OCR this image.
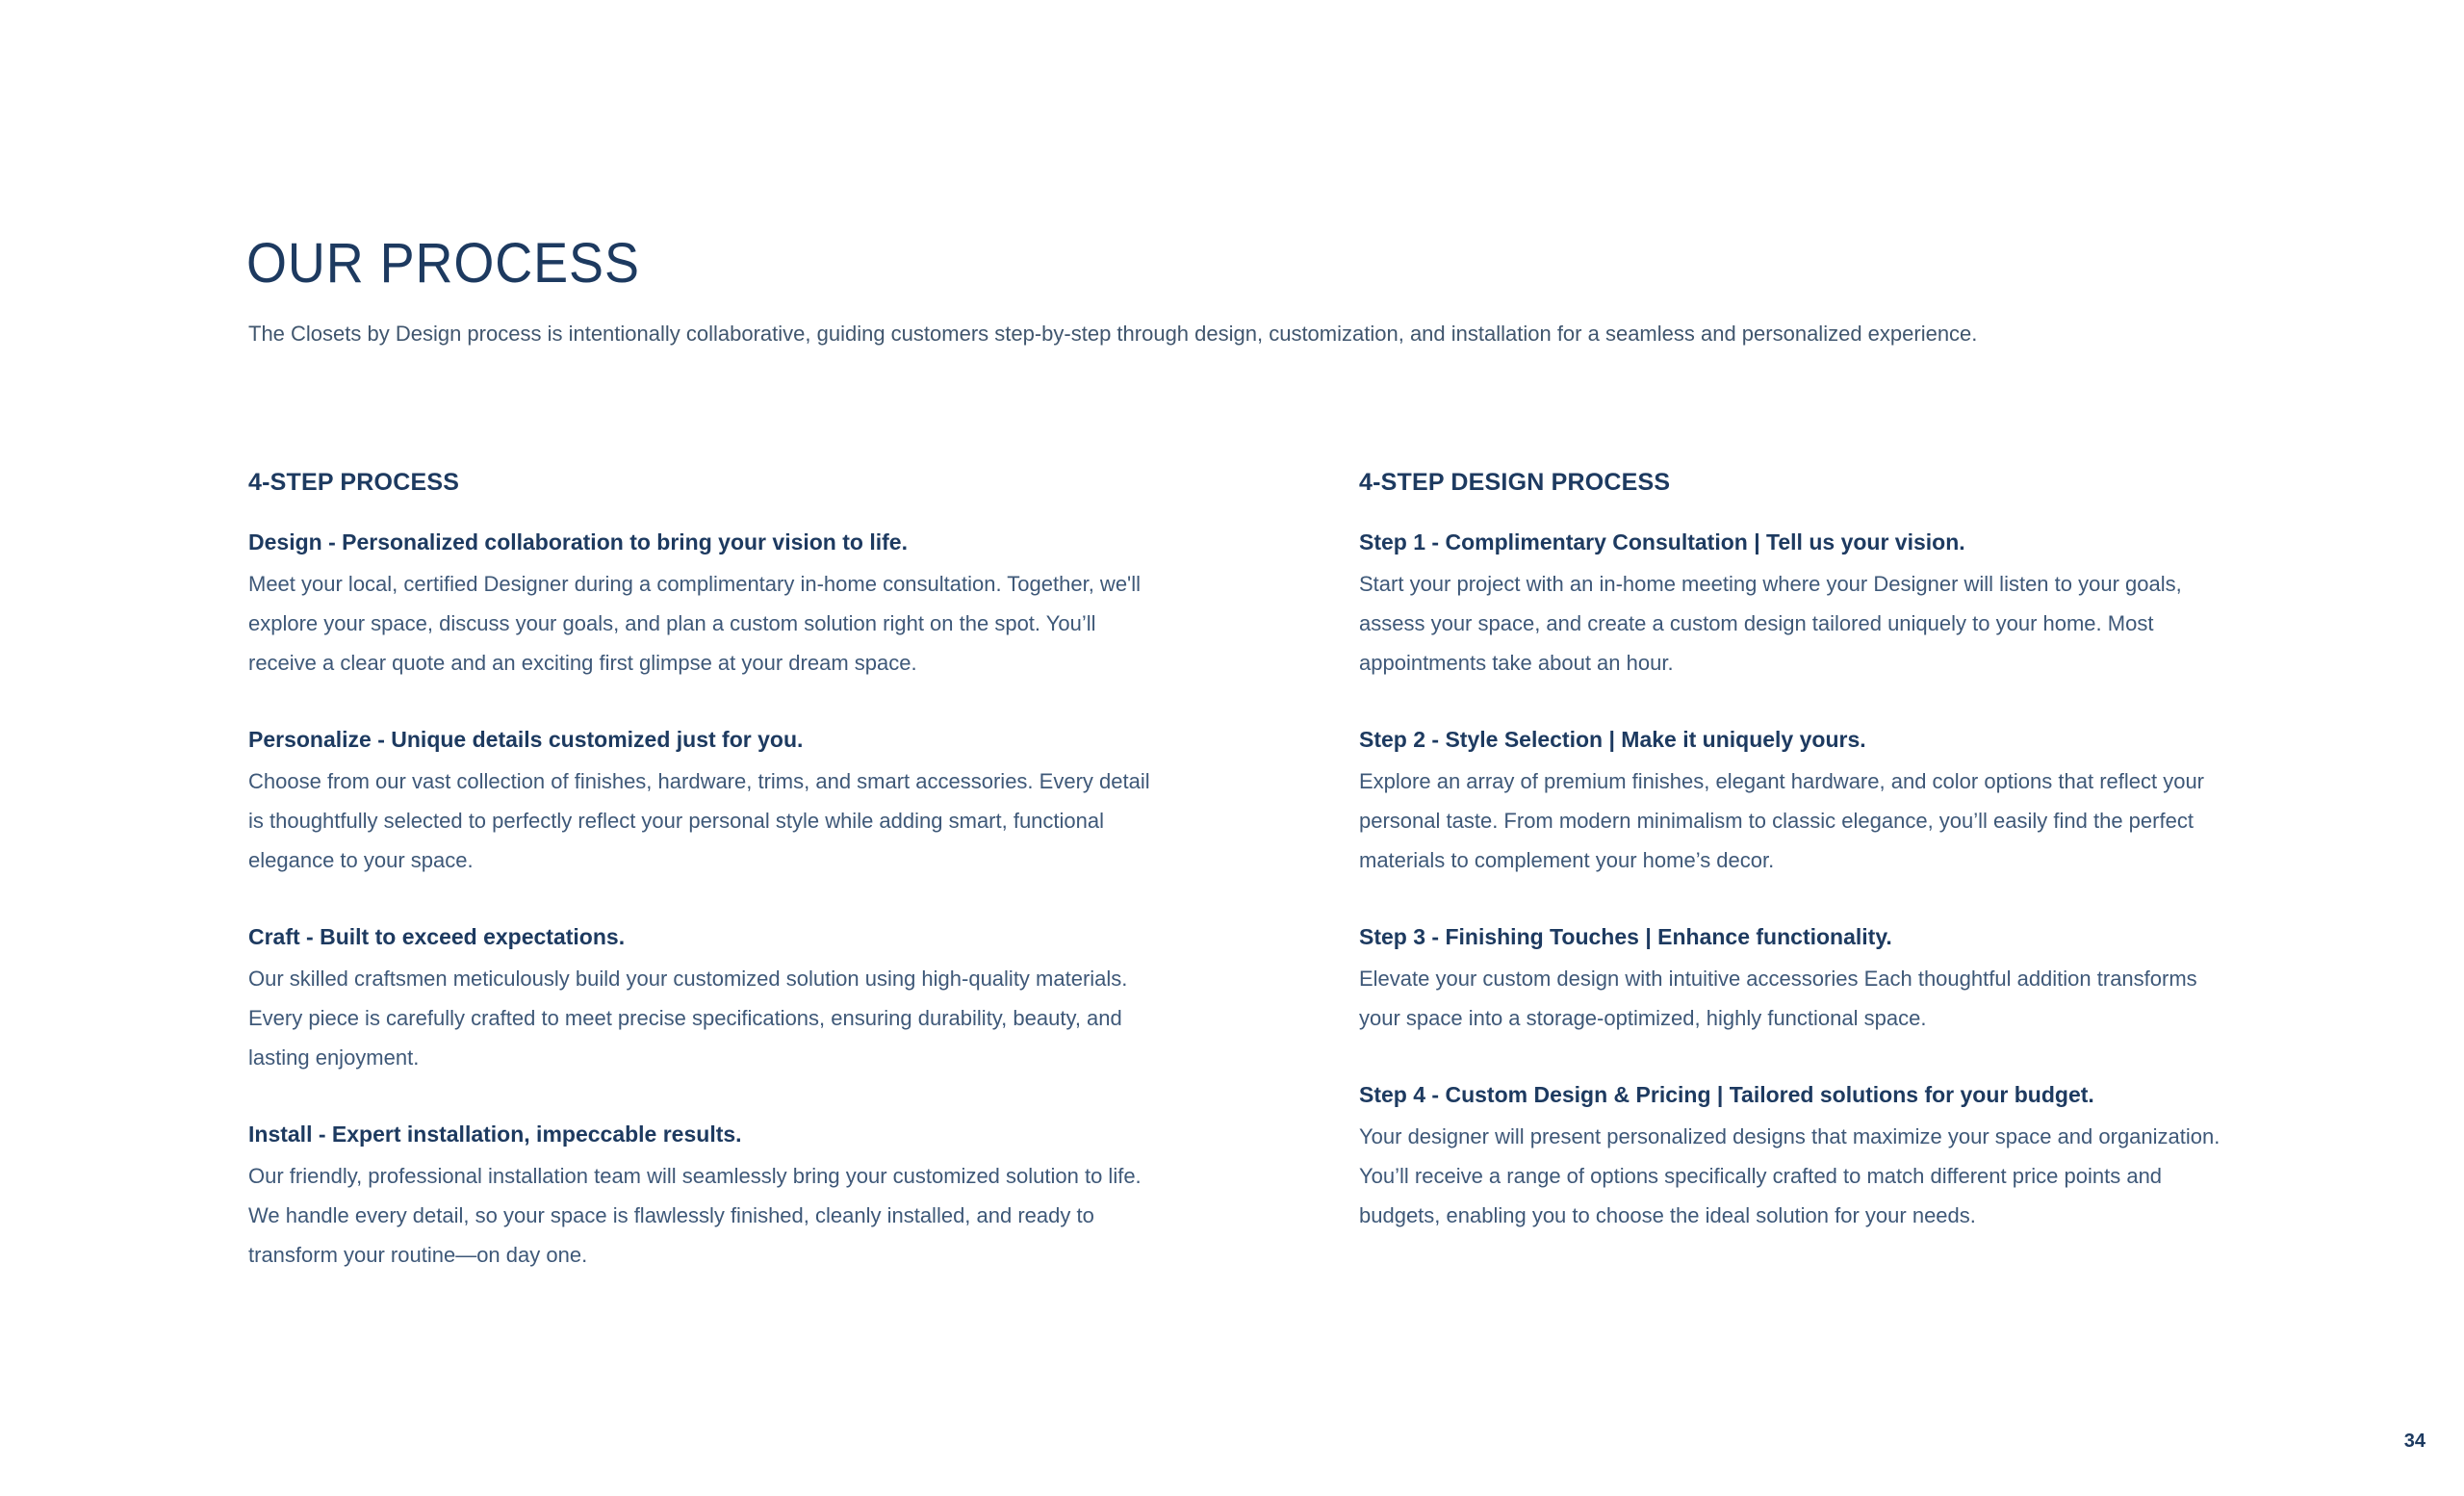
OUR PROCESS

The Closets by Design process is intentionally collaborative, guiding customers step-by-step through design, customization, and installation for a seamless and personalized experience.

4-STEP PROCESS
Design - Personalized collaboration to bring your vision to life.

Meet your local, certified Designer during a complimentary in-home consultation. Together, we'll explore your space, discuss your goals, and plan a custom solution right on the spot. You’ll receive a clear quote and an exciting first glimpse at your dream space.

Personalize - Unique details customized just for you.

Choose from our vast collection of finishes, hardware, trims, and smart accessories. Every detail is thoughtfully selected to perfectly reflect your personal style while adding smart, functional elegance to your space.

Craft - Built to exceed expectations.

Our skilled craftsmen meticulously build your customized solution using high-quality materials. Every piece is carefully crafted to meet precise specifications, ensuring durability, beauty, and lasting enjoyment.

Install - Expert installation, impeccable results.

Our friendly, professional installation team will seamlessly bring your customized solution to life. We handle every detail, so your space is flawlessly finished, cleanly installed, and ready to transform your routine—on day one.

4-STEP DESIGN PROCESS
Step 1 - Complimentary Consultation | Tell us your vision.

Start your project with an in-home meeting where your Designer will listen to your goals, assess your space, and create a custom design tailored uniquely to your home. Most appointments take about an hour.

Step 2 - Style Selection | Make it uniquely yours.

Explore an array of premium finishes, elegant hardware, and color options that reflect your personal taste. From modern minimalism to classic elegance, you’ll easily find the perfect materials to complement your home’s decor.

Step 3 - Finishing Touches | Enhance functionality.

Elevate your custom design with intuitive accessories Each thoughtful addition transforms your space into a storage-optimized, highly functional space.

Step 4 - Custom Design & Pricing | Tailored solutions for your budget.

Your designer will present personalized designs that maximize your space and organization. You’ll receive a range of options specifically crafted to match different price points and budgets, enabling you to choose the ideal solution for your needs.

34
